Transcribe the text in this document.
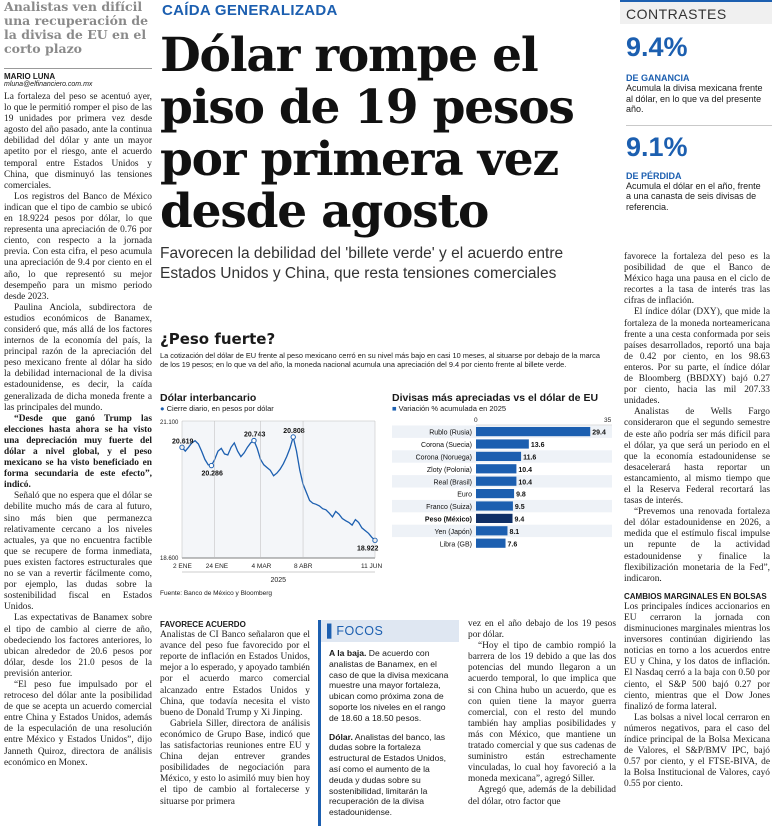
Analistas ven difícil una recuperación de la divisa de EU en el corto plazo
MARIO LUNA
mluna@elfinanciero.com.mx

La fortaleza del peso se acentuó ayer, lo que le permitió romper el piso de las 19 unidades por primera vez desde agosto del año pasado, ante la continua debilidad del dólar y ante un mayor apetito por el riesgo, ante el acuerdo temporal entre Estados Unidos y China, que disminuyó las tensiones comerciales.

Los registros del Banco de México indican que el tipo de cambio se ubicó en 18.9224 pesos por dólar, lo que representa una apreciación de 0.76 por ciento, con respecto a la jornada previa. Con esta cifra, el peso acumula una apreciación de 9.4 por ciento en el año, lo que representó su mejor desempeño para un mismo periodo desde 2023.

Paulina Anciola, subdirectora de estudios económicos de Banamex, consideró que, más allá de los factores internos de la economía del país, la principal razón de la apreciación del peso mexicano frente al dólar ha sido la debilidad internacional de la divisa estadounidense, es decir, la caída generalizada de dicha moneda frente a las principales del mundo.

“Desde que ganó Trump las elecciones hasta ahora se ha visto una depreciación muy fuerte del dólar a nivel global, y el peso mexicano se ha visto beneficiado en forma secundaria de este efecto”, indicó.

Señaló que no espera que el dólar se debilite mucho más de cara al futuro, sino más bien que permanezca relativamente cercano a los niveles actuales, ya que no encuentra factible que se recupere de forma inmediata, pues existen factores estructurales que no se van a revertir fácilmente como, por ejemplo, las dudas sobre la sostenibilidad fiscal en Estados Unidos.

Las expectativas de Banamex sobre el tipo de cambio al cierre de año, obedeciendo los factores anteriores, lo ubican alrededor de 20.6 pesos por dólar, desde los 21.0 pesos de la previsión anterior.

“El peso fue impulsado por el retroceso del dólar ante la posibilidad de que se acepta un acuerdo comercial entre China y Estados Unidos, además de la especulación de una resolución entre México y Estados Unidos”, dijo Janneth Quiroz, directora de análisis económico en Monex.

CAÍDA GENERALIZADA
Dólar rompe el piso de 19 pesos por primera vez desde agosto
Favorecen la debilidad del 'billete verde' y el acuerdo entre Estados Unidos y China, que resta tensiones comerciales
CONTRASTES
9.4%
DE GANANCIA
Acumula la divisa mexicana frente al dólar, en lo que va del presente año.
9.1%
DE PÉRDIDA
Acumula el dólar en el año, frente a una canasta de seis divisas de referencia.
¿Peso fuerte?
La cotización del dólar de EU frente al peso mexicano cerró en su nivel más bajo en casi 10 meses, al situarse por debajo de la marca de los 19 pesos; en lo que va del año, la moneda nacional acumula una apreciación del 9.4 por ciento frente al billete verde.
Dólar interbancario
● Cierre diario, en pesos por dólar
21.100
18.600
20.619
20.286
20.743
20.808
18.922
2 ENE 24 ENE	4 MAR	8 ABR	11 JUN
2025
Divisas más apreciadas vs el dólar de EU
■ Variación % acumulada en 2025
0	35
Rublo (Rusia)	29.4
Corona (Suecia)	13.6
Corona (Noruega)	11.6
Zloty (Polonia)	10.4
Real (Brasil)	10.4
Euro	9.8
Franco (Suiza)	9.5
Peso (México)	9.4
Yen (Japón)	8.1
Libra (GB)	7.6
Fuente: Banco de México y Bloomberg
FAVORECE ACUERDO

Analistas de CI Banco señalaron que el avance del peso fue favorecido por el reporte de inflación en Estados Unidos, mejor a lo esperado, y apoyado también por el acuerdo marco comercial alcanzado entre Estados Unidos y China, que todavía necesita el visto bueno de Donald Trump y Xi Jinping.

Gabriela Siller, directora de análisis económico de Grupo Base, indicó que las satisfactorias reuniones entre EU y China dejan entrever grandes posibilidades de negociación para México, y esto lo asimiló muy bien hoy el tipo de cambio al fortalecerse y situarse por primera

▌FOCOS

A la baja. De acuerdo con analistas de Banamex, en el caso de que la divisa mexicana muestre una mayor fortaleza, ubican como próxima zona de soporte los niveles en el rango de 18.60 a 18.50 pesos.

Dólar. Analistas del banco, las dudas sobre la fortaleza estructural de Estados Unidos, así como el aumento de la deuda y dudas sobre su sostenibilidad, limitarán la recuperación de la divisa estadounidense.

vez en el año debajo de los 19 pesos por dólar.

“Hoy el tipo de cambio rompió la barrera de los 19 debido a que las dos potencias del mundo llegaron a un acuerdo temporal, lo que implica que si con China hubo un acuerdo, que es con quien tiene la mayor guerra comercial, con el resto del mundo también hay amplias posibilidades y más con México, que mantiene un tratado comercial y que sus cadenas de suministro están estrechamente vinculadas, lo cual hoy favoreció a la moneda mexicana”, agregó Siller.

Agregó que, además de la debilidad del dólar, otro factor que

favorece la fortaleza del peso es la posibilidad de que el Banco de México haga una pausa en el ciclo de recortes a la tasa de interés tras las cifras de inflación.

El índice dólar (DXY), que mide la fortaleza de la moneda norteamericana frente a una cesta conformada por seis países desarrollados, reportó una baja de 0.42 por ciento, en los 98.63 enteros. Por su parte, el índice dólar de Bloomberg (BBDXY) bajó 0.27 por ciento, hacia las mil 207.33 unidades.

Analistas de Wells Fargo consideraron que el segundo semestre de este año podría ser más difícil para el dólar, ya que será un periodo en el que la economía estadounidense se desacelerará hasta reportar un estancamiento, al mismo tiempo que el la Reserva Federal recortará las tasas de interés.

“Prevemos una renovada fortaleza del dólar estadounidense en 2026, a medida que el estímulo fiscal impulse un repunte de la actividad estadounidense y finalice la flexibilización monetaria de la Fed”, indicaron.

CAMBIOS MARGINALES EN BOLSAS

Los principales índices accionarios en EU cerraron la jornada con disminuciones marginales mientras los inversores continúan digiriendo las noticias en torno a los acuerdos entre EU y China, y los datos de inflación. El Nasdaq cerró a la baja con 0.50 por ciento, el S&P 500 bajó 0.27 por ciento, mientras que el Dow Jones finalizó de forma lateral.

Las bolsas a nivel local cerraron en números negativos, para el caso del índice principal de la Bolsa Mexicana de Valores, el S&P/BMV IPC, bajó 0.57 por ciento, y el FTSE-BIVA, de la Bolsa Institucional de Valores, cayó 0.55 por ciento.
